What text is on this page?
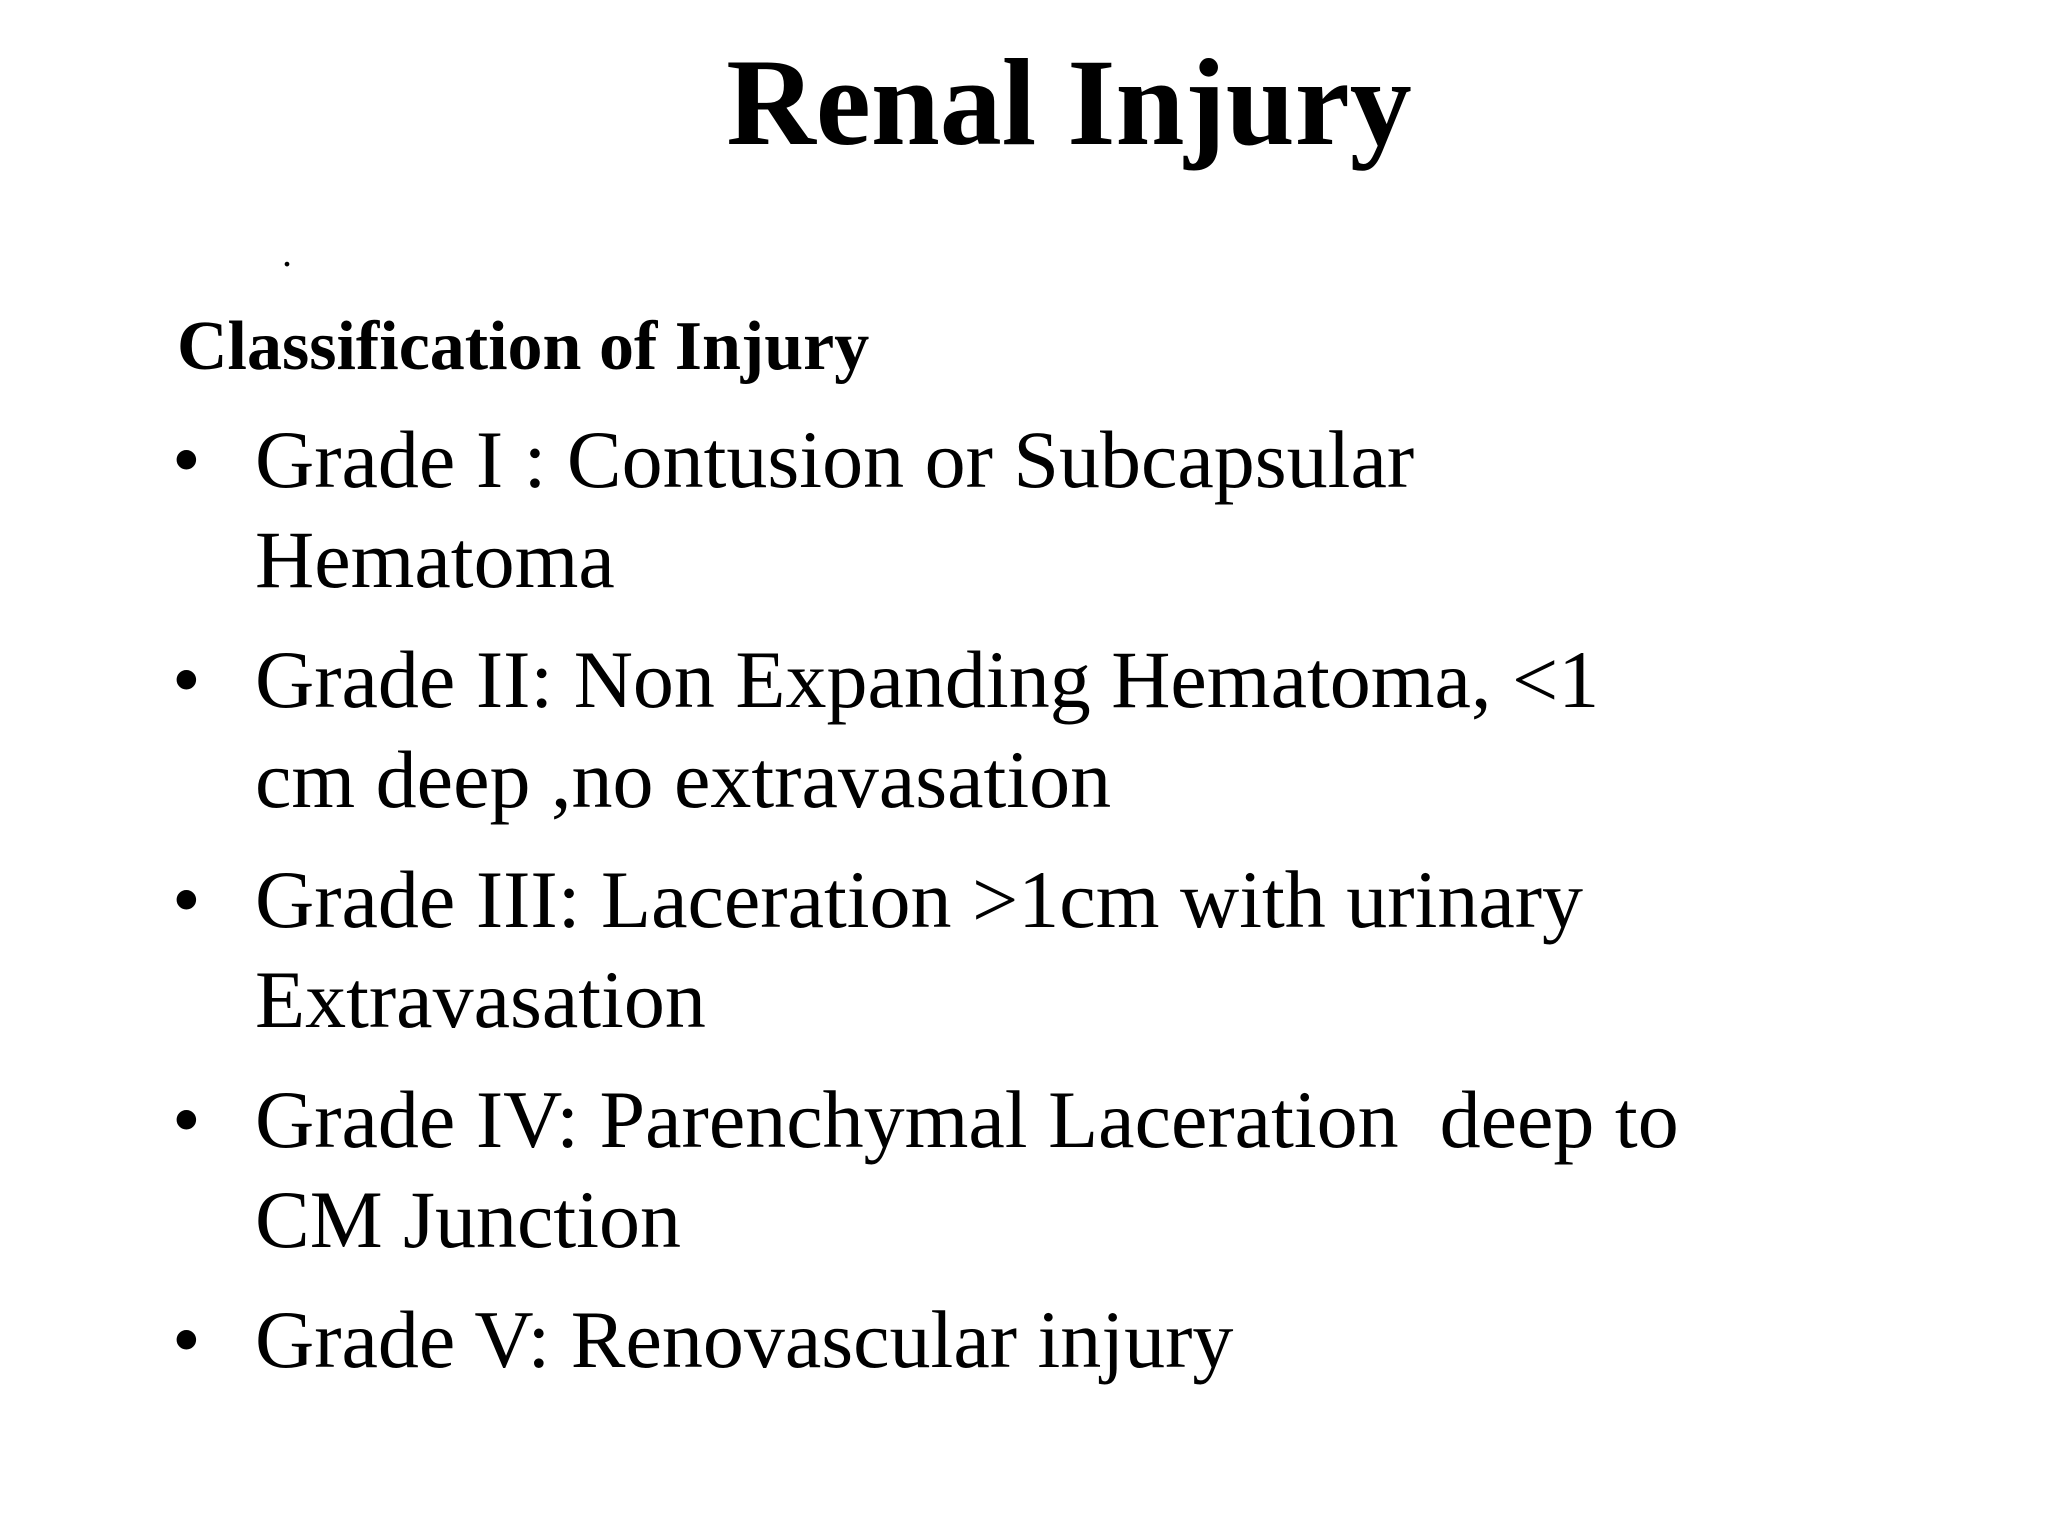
Renal Injury
.
Classification of Injury
• Grade I : Contusion or Subcapsular
Hematoma
• Grade II: Non Expanding Hematoma, <1
cm deep ,no extravasation
• Grade III: Laceration >1cm with urinary
Extravasation
• Grade IV: Parenchymal Laceration  deep to
CM Junction
• Grade V: Renovascular injury
